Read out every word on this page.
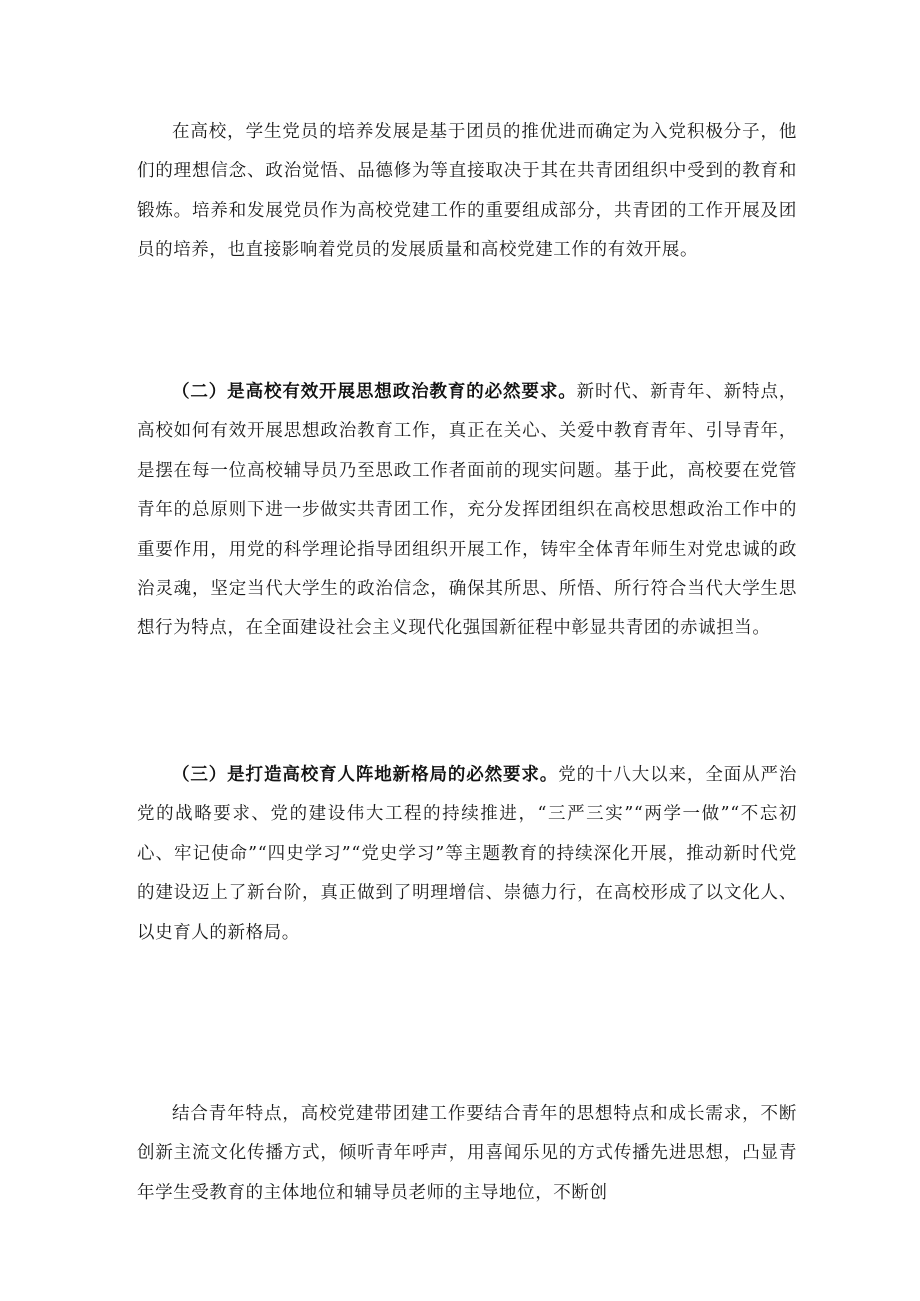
在高校，学生党员的培养发展是基于团员的推优进而确定为入党积极分子，他们的理想信念、政治觉悟、品德修为等直接取决于其在共青团组织中受到的教育和锻炼。培养和发展党员作为高校党建工作的重要组成部分，共青团的工作开展及团员的培养，也直接影响着党员的发展质量和高校党建工作的有效开展。

（二）是高校有效开展思想政治教育的必然要求。新时代、新青年、新特点，高校如何有效开展思想政治教育工作，真正在关心、关爱中教育青年、引导青年，是摆在每一位高校辅导员乃至思政工作者面前的现实问题。基于此，高校要在党管青年的总原则下进一步做实共青团工作，充分发挥团组织在高校思想政治工作中的重要作用，用党的科学理论指导团组织开展工作，铸牢全体青年师生对党忠诚的政治灵魂，坚定当代大学生的政治信念，确保其所思、所悟、所行符合当代大学生思想行为特点，在全面建设社会主义现代化强国新征程中彰显共青团的赤诚担当。

（三）是打造高校育人阵地新格局的必然要求。党的十八大以来，全面从严治党的战略要求、党的建设伟大工程的持续推进，“三严三实”“两学一做”“不忘初心、牢记使命”“四史学习”“党史学习”等主题教育的持续深化开展，推动新时代党的建设迈上了新台阶，真正做到了明理增信、崇德力行，在高校形成了以文化人、以史育人的新格局。

结合青年特点，高校党建带团建工作要结合青年的思想特点和成长需求，不断创新主流文化传播方式，倾听青年呼声，用喜闻乐见的方式传播先进思想，凸显青年学生受教育的主体地位和辅导员老师的主导地位，不断创
